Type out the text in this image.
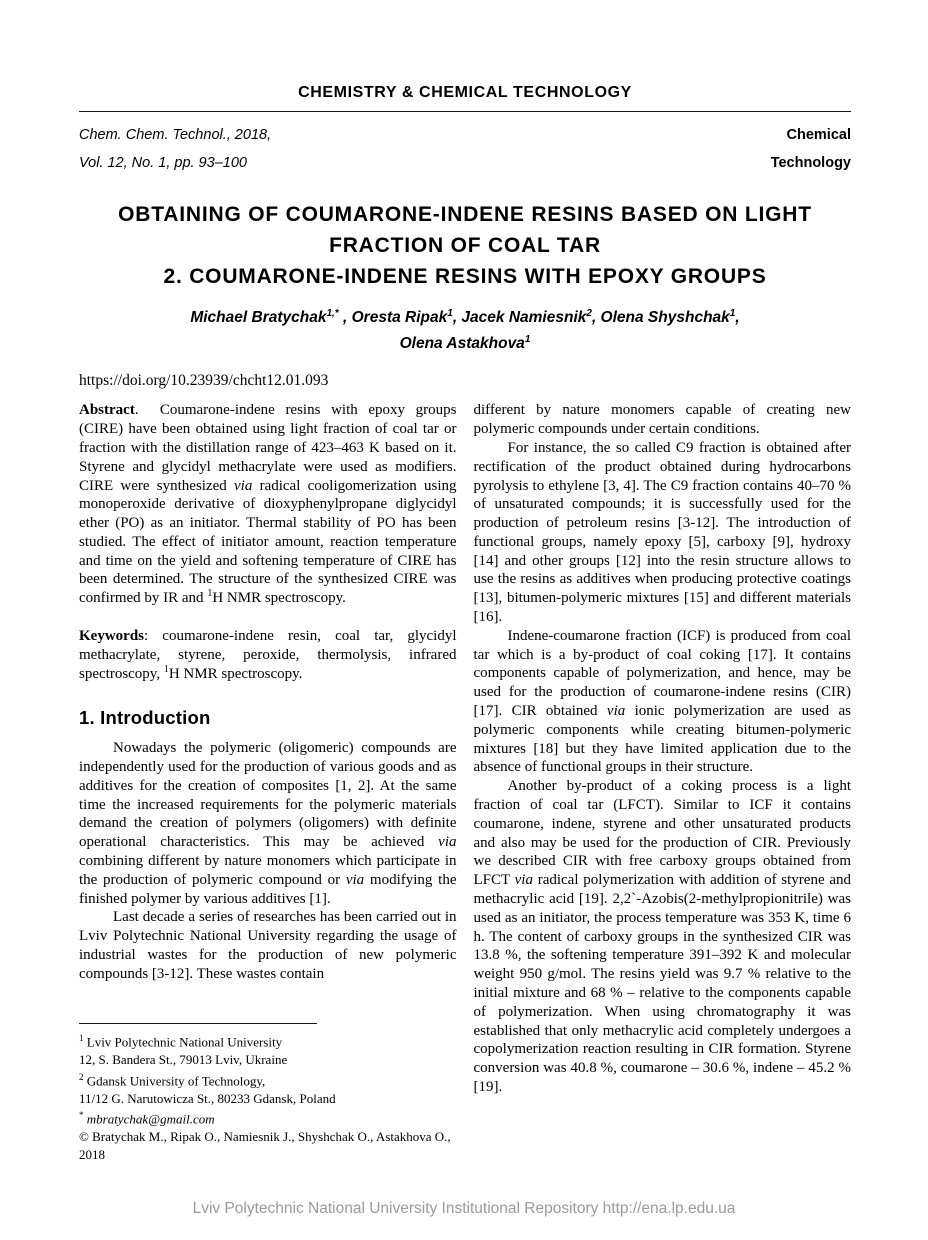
CHEMISTRY & CHEMICAL TECHNOLOGY
Chem. Chem. Technol., 2018,
Vol. 12, No. 1, pp. 93–100
Chemical
Technology
OBTAINING OF COUMARONE-INDENE RESINS BASED ON LIGHT
FRACTION OF COAL TAR
2. COUMARONE-INDENE RESINS WITH EPOXY GROUPS
Michael Bratychak$^{1,*}$ , Oresta Ripak$^1$, Jacek Namiesnik$^2$, Olena Shyshchak$^1$,
Olena Astakhova$^1$
https://doi.org/10.23939/chcht12.01.093

Abstract.  Coumarone-indene resins with epoxy groups (CIRE) have been obtained using light fraction of coal tar or fraction with the distillation range of 423–463 K based on it. Styrene and glycidyl methacrylate were used as modifiers. CIRE were synthesized via radical cooligomerization using monoperoxide derivative of dioxyphenylpropane diglycidyl ether (PO) as an initiator. Thermal stability of PO has been studied. The effect of initiator amount, reaction temperature and time on the yield and softening temperature of CIRE has been determined. The structure of the synthesized CIRE was confirmed by IR and $^1$H NMR spectroscopy.

Keywords: coumarone-indene resin, coal tar, glycidyl methacrylate, styrene, peroxide, thermolysis, infrared spectroscopy, $^1$H NMR spectroscopy.

1. Introduction

Nowadays the polymeric (oligomeric) compounds are independently used for the production of various goods and as additives for the creation of composites [1, 2]. At the same time the increased requirements for the polymeric materials demand the creation of polymers (oligomers) with definite operational characteristics. This may be achieved via combining different by nature monomers which participate in the production of polymeric compound or via modifying the finished polymer by various additives [1].

Last decade a series of researches has been carried out in Lviv Polytechnic National University regarding the usage of industrial wastes for the production of new polymeric compounds [3-12]. These wastes contain

$^1$ Lviv Polytechnic National University
12, S. Bandera St., 79013 Lviv, Ukraine
$^2$ Gdansk University of Technology,
11/12 G. Narutowicza St., 80233 Gdansk, Poland
* mbratychak@gmail.com
© Bratychak M., Ripak O., Namiesnik J., Shyshchak O., Astakhova O., 2018

different by nature monomers capable of creating new polymeric compounds under certain conditions.

For instance, the so called C9 fraction is obtained after rectification of the product obtained during hydrocarbons pyrolysis to ethylene [3, 4]. The C9 fraction contains 40–70 % of unsaturated compounds; it is successfully used for the production of petroleum resins [3-12]. The introduction of functional groups, namely epoxy [5], carboxy [9], hydroxy [14] and other groups [12] into the resin structure allows to use the resins as additives when producing protective coatings [13], bitumen-polymeric mixtures [15] and different materials [16].

Indene-coumarone fraction (ICF) is produced from coal tar which is a by-product of coal coking [17]. It contains components capable of polymerization, and hence, may be used for the production of coumarone-indene resins (CIR) [17]. CIR obtained via ionic polymerization are used as polymeric components while creating bitumen-polymeric mixtures [18] but they have limited application due to the absence of functional groups in their structure.

Another by-product of a coking process is a light fraction of coal tar (LFCT). Similar to ICF it contains coumarone, indene, styrene and other unsaturated products and also may be used for the production of CIR. Previously we described CIR with free carboxy groups obtained from LFCT via radical polymerization with addition of styrene and methacrylic acid [19]. 2,2`-Azobis(2-methylpropionitrile) was used as an initiator, the process temperature was 353 K, time 6 h. The content of carboxy groups in the synthesized CIR was 13.8 %, the softening temperature 391–392 K and molecular weight 950 g/mol. The resins yield was 9.7 % relative to the initial mixture and 68 % – relative to the components capable of polymerization. When using chromatography it was established that only methacrylic acid completely undergoes a copolymerization reaction resulting in CIR formation. Styrene conversion was 40.8 %, coumarone – 30.6 %, indene – 45.2 % [19].

Lviv Polytechnic National University Institutional Repository http://ena.lp.edu.ua
